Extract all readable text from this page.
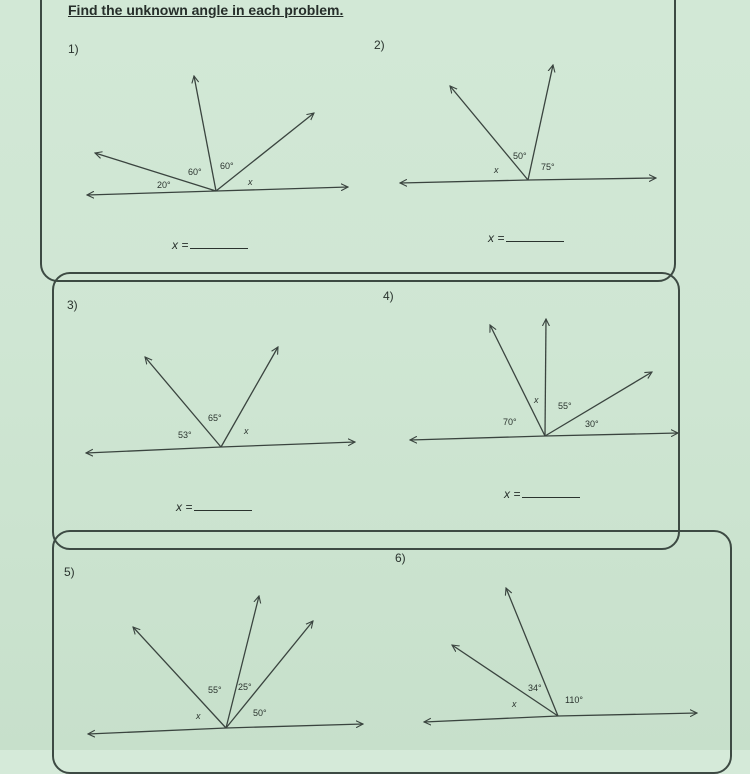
Find the unknown angle in each problem.
1)	2)
3)
4)
5)
6)
x =	x =
x =
x =
60°
60°
20°	x
50°
75°
x
65°
53°	x
x
55°
70°	30°
55° 25°
x	50°
34°
x	110°
